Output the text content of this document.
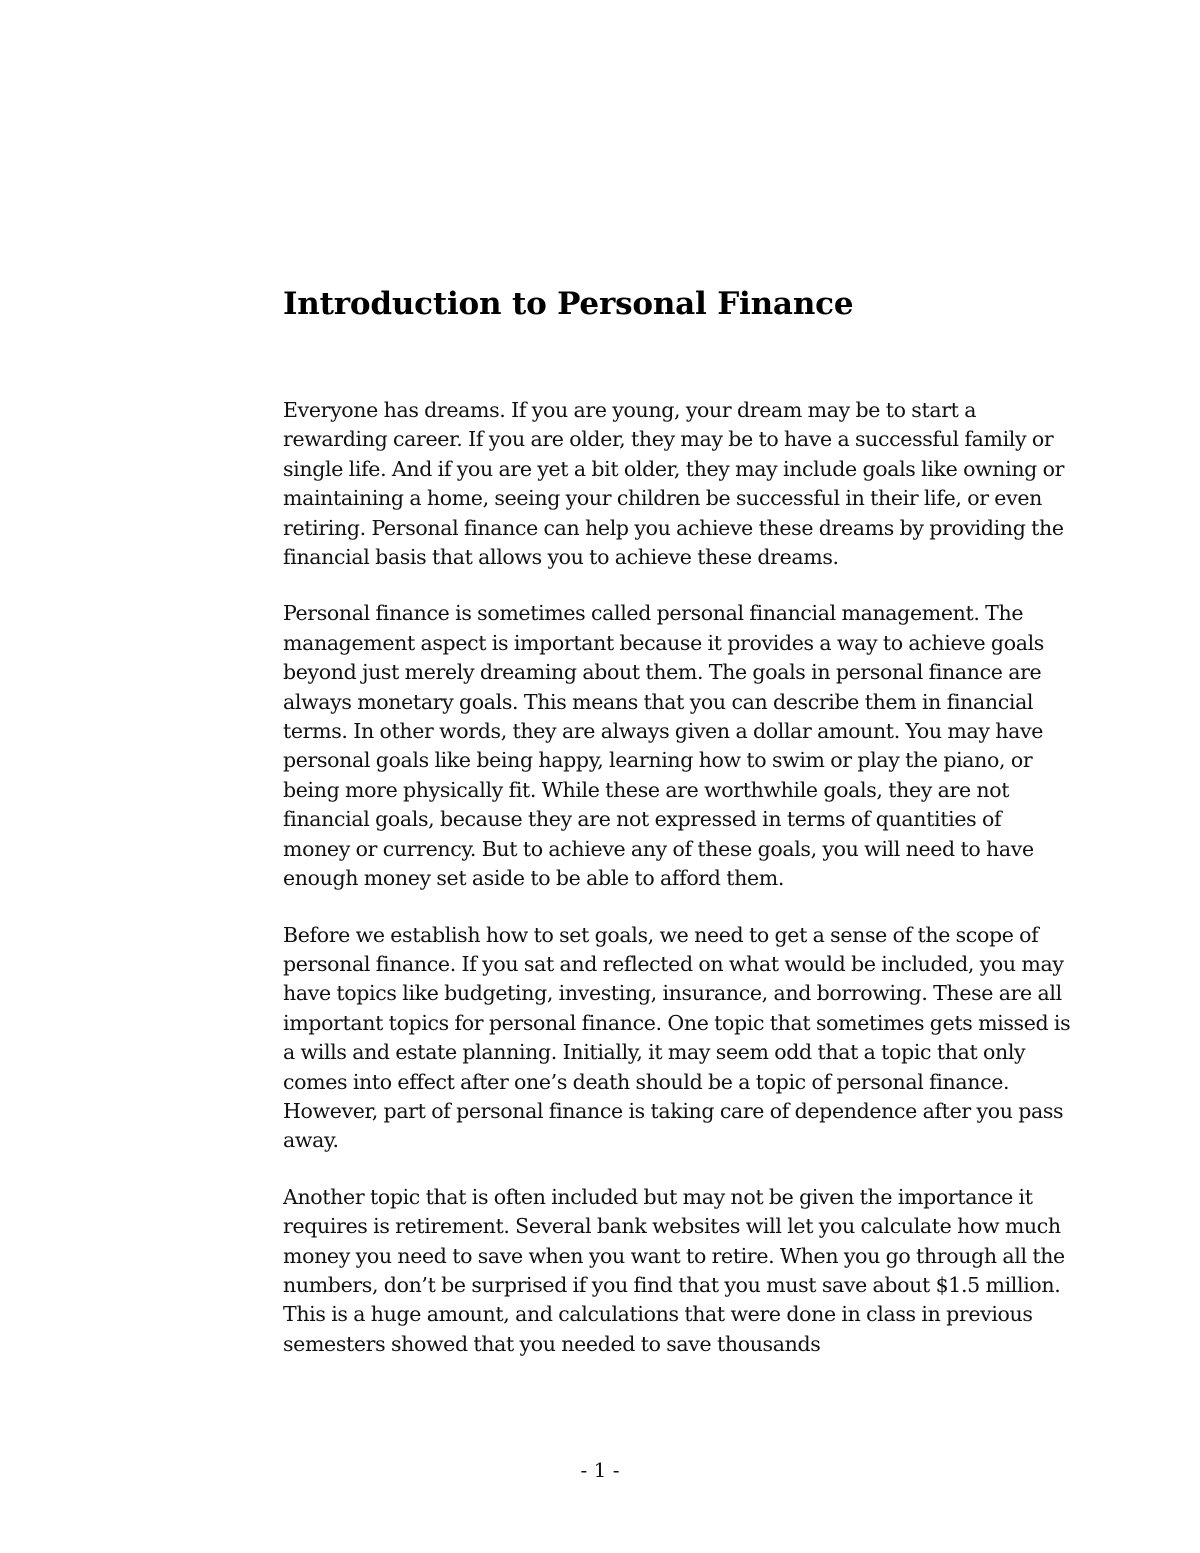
Introduction to Personal Finance

Everyone has dreams. If you are young, your dream may be to start a rewarding career. If you are older, they may be to have a successful family or single life. And if you are yet a bit older, they may include goals like owning or maintaining a home, seeing your children be successful in their life, or even retiring. Personal finance can help you achieve these dreams by providing the financial basis that allows you to achieve these dreams.

Personal finance is sometimes called personal financial management. The management aspect is important because it provides a way to achieve goals beyond just merely dreaming about them. The goals in personal finance are always monetary goals. This means that you can describe them in financial terms. In other words, they are always given a dollar amount. You may have personal goals like being happy, learning how to swim or play the piano, or being more physically fit. While these are worthwhile goals, they are not financial goals, because they are not expressed in terms of quantities of money or currency. But to achieve any of these goals, you will need to have enough money set aside to be able to afford them.

Before we establish how to set goals, we need to get a sense of the scope of personal finance. If you sat and reflected on what would be included, you may have topics like budgeting, investing, insurance, and borrowing. These are all important topics for personal finance. One topic that sometimes gets missed is a wills and estate planning. Initially, it may seem odd that a topic that only comes into effect after one’s death should be a topic of personal finance. However, part of personal finance is taking care of dependence after you pass away.

Another topic that is often included but may not be given the importance it requires is retirement. Several bank websites will let you calculate how much money you need to save when you want to retire. When you go through all the numbers, don’t be surprised if you find that you must save about $1.5 million. This is a huge amount, and calculations that were done in class in previous semesters showed that you needed to save thousands

- 1 -
